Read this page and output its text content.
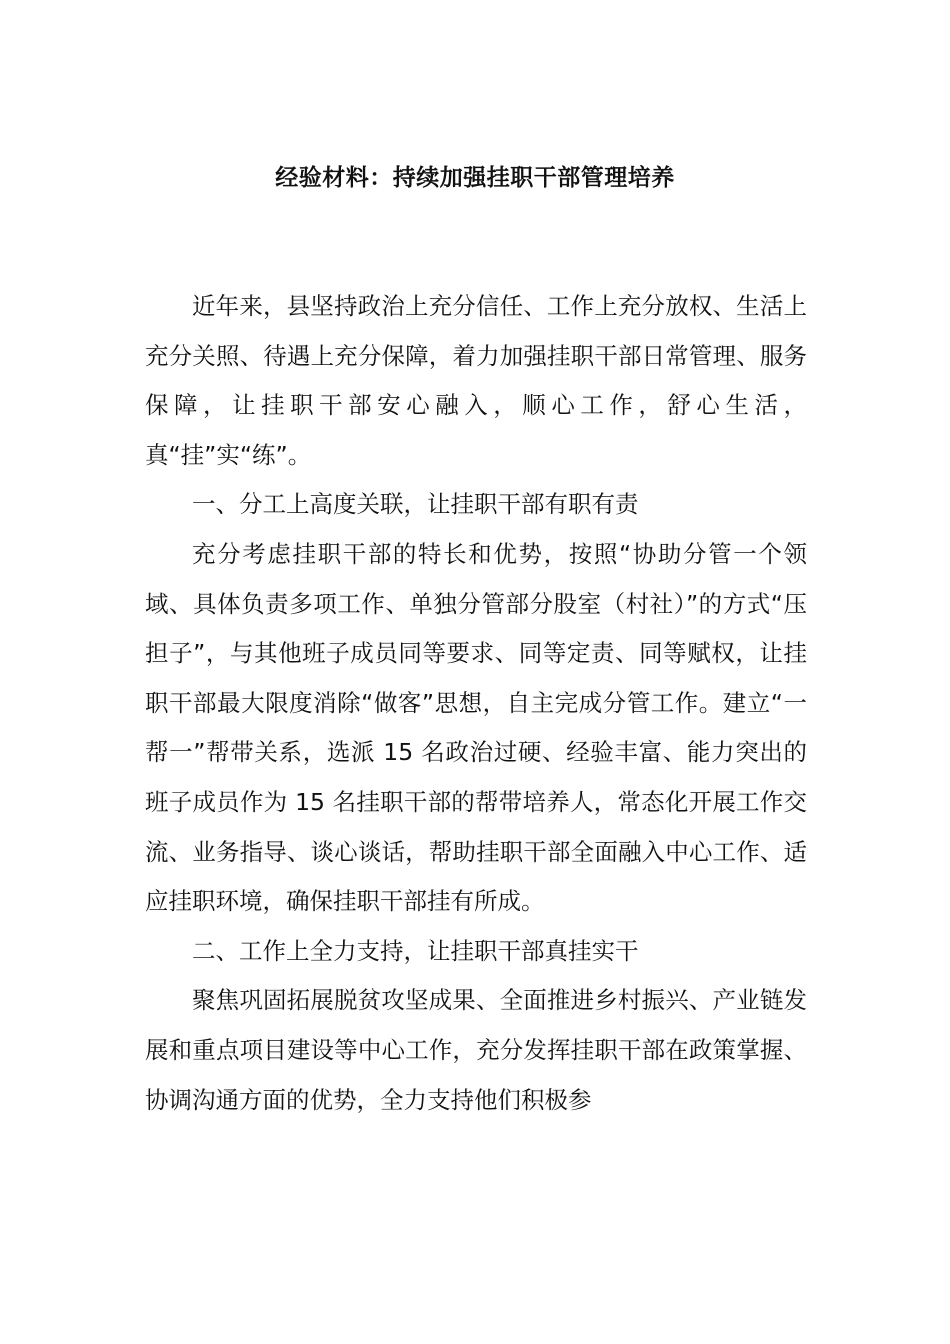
经验材料：持续加强挂职干部管理培养

近年来，县坚持政治上充分信任、工作上充分放权、生活上充分关照、待遇上充分保障，着力加强挂职干部日常管理、服务保障，让挂职干部安心融入，顺心工作，舒心生活，真“挂”实“练”。

一、分工上高度关联，让挂职干部有职有责

充分考虑挂职干部的特长和优势，按照“协助分管一个领域、具体负责多项工作、单独分管部分股室（村社）”的方式“压担子”，与其他班子成员同等要求、同等定责、同等赋权，让挂职干部最大限度消除“做客”思想，自主完成分管工作。建立“一帮一”帮带关系，选派 15 名政治过硬、经验丰富、能力突出的班子成员作为 15 名挂职干部的帮带培养人，常态化开展工作交流、业务指导、谈心谈话，帮助挂职干部全面融入中心工作、适应挂职环境，确保挂职干部挂有所成。

二、工作上全力支持，让挂职干部真挂实干

聚焦巩固拓展脱贫攻坚成果、全面推进乡村振兴、产业链发展和重点项目建设等中心工作，充分发挥挂职干部在政策掌握、协调沟通方面的优势，全力支持他们积极参
